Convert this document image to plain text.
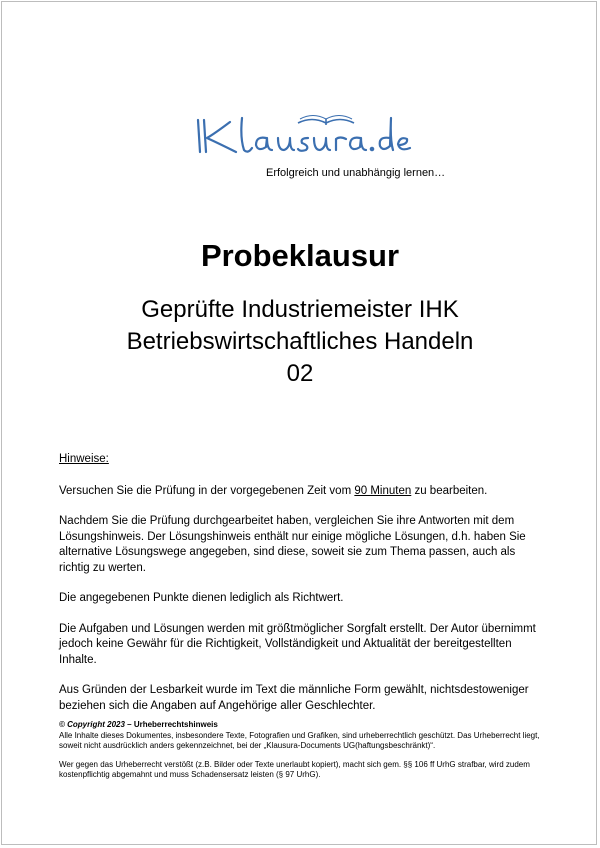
Erfolgreich und unabhängig lernen…
Probeklausur
Geprüfte Industriemeister IHK
Betriebswirtschaftliches Handeln
02

Hinweise:

Versuchen Sie die Prüfung in der vorgegebenen Zeit vom 90 Minuten zu bearbeiten.

Nachdem Sie die Prüfung durchgearbeitet haben, vergleichen Sie ihre Antworten mit dem Lösungshinweis. Der Lösungshinweis enthält nur einige mögliche Lösungen, d.h. haben Sie alternative Lösungswege angegeben, sind diese, soweit sie zum Thema passen, auch als richtig zu werten.

Die angegebenen Punkte dienen lediglich als Richtwert.

Die Aufgaben und Lösungen werden mit größtmöglicher Sorgfalt erstellt. Der Autor übernimmt jedoch keine Gewähr für die Richtigkeit, Vollständigkeit und Aktualität der bereitgestellten Inhalte.

Aus Gründen der Lesbarkeit wurde im Text die männliche Form gewählt, nichtsdestoweniger beziehen sich die Angaben auf Angehörige aller Geschlechter.

© Copyright 2023 – Urheberrechtshinweis

Alle Inhalte dieses Dokumentes, insbesondere Texte, Fotografien und Grafiken, sind urheberrechtlich geschützt. Das Urheberrecht liegt, soweit nicht ausdrücklich anders gekennzeichnet, bei der „Klausura-Documents UG(haftungsbeschränkt)“.

Wer gegen das Urheberrecht verstößt (z.B. Bilder oder Texte unerlaubt kopiert), macht sich gem. §§ 106 ff UrhG strafbar, wird zudem kostenpflichtig abgemahnt und muss Schadensersatz leisten (§ 97 UrhG).
